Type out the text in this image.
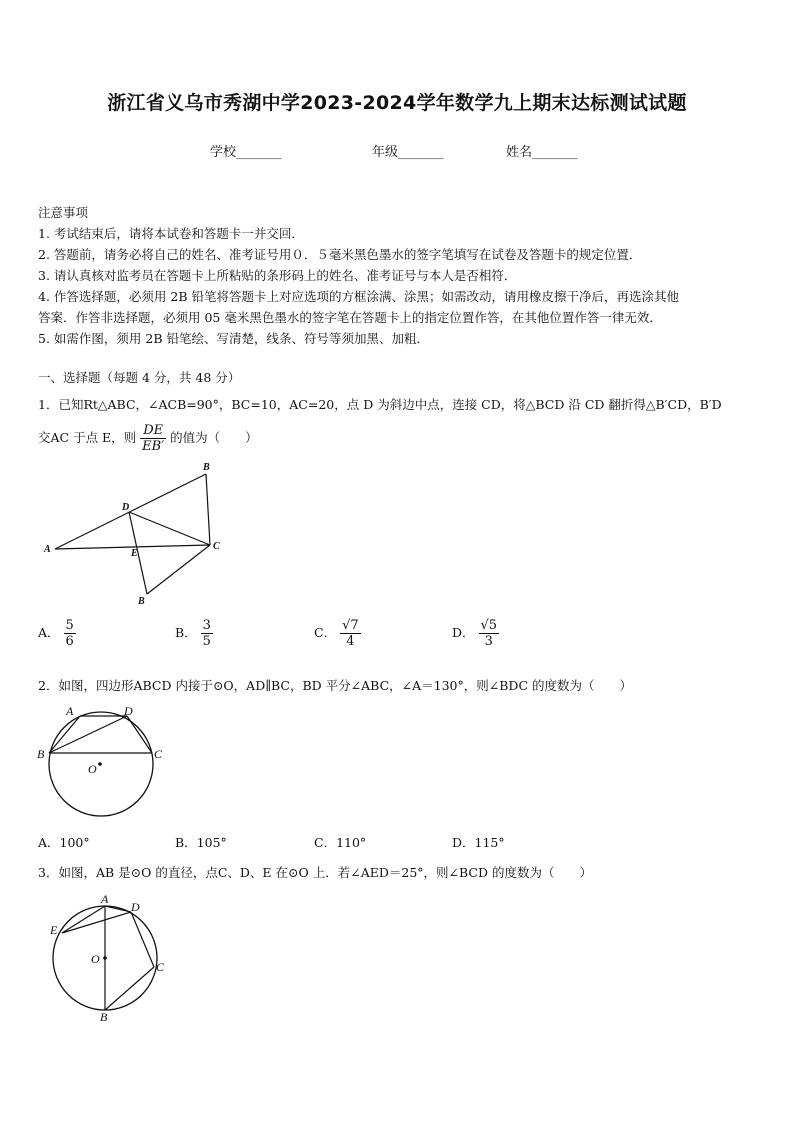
浙江省义乌市秀湖中学2023-2024学年数学九上期末达标测试试题
学校_______	年级_______	姓名_______
注意事项
1. 考试结束后，请将本试卷和答题卡一并交回．
2. 答题前，请务必将自己的姓名、准考证号用０．５毫米黑色墨水的签字笔填写在试卷及答题卡的规定位置．
3. 请认真核对监考员在答题卡上所粘贴的条形码上的姓名、准考证号与本人是否相符．
4. 作答选择题，必须用 2B 铅笔将答题卡上对应选项的方框涂满、涂黑；如需改动，请用橡皮擦干净后，再选涂其他
答案．作答非选择题，必须用 05 毫米黑色墨水的签字笔在答题卡上的指定位置作答，在其他位置作答一律无效．
5. 如需作图，须用 2B 铅笔绘、写清楚，线条、符号等须加黑、加粗．
一、选择题（每题 4 分，共 48 分）
1．已知Rt△ABC，∠ACB=90°，BC=10，AC=20，点 D 为斜边中点，连接 CD，将△BCD 沿 CD 翻折得△B′CD，B′D
交AC 于点 E，则 $\frac{DE}{EB'}$ 的值为（　　）
B
D
A	E
C
B
A． $\frac{5}{6}$	B． $\frac{3}{5}$	C． $\frac{√7}{4}$	D． $\frac{√5}{3}$
2．如图，四边形ABCD 内接于⊙O，AD∥BC，BD 平分∠ABC，∠A＝130°，则∠BDC 的度数为（　　）
A	D
B	C
O
A．100°	B．105°	C．110°	D．115°
3．如图，AB 是⊙O 的直径，点C、D、E 在⊙O 上．若∠AED＝25°，则∠BCD 的度数为（　　）
A
D
E
O
C
B
